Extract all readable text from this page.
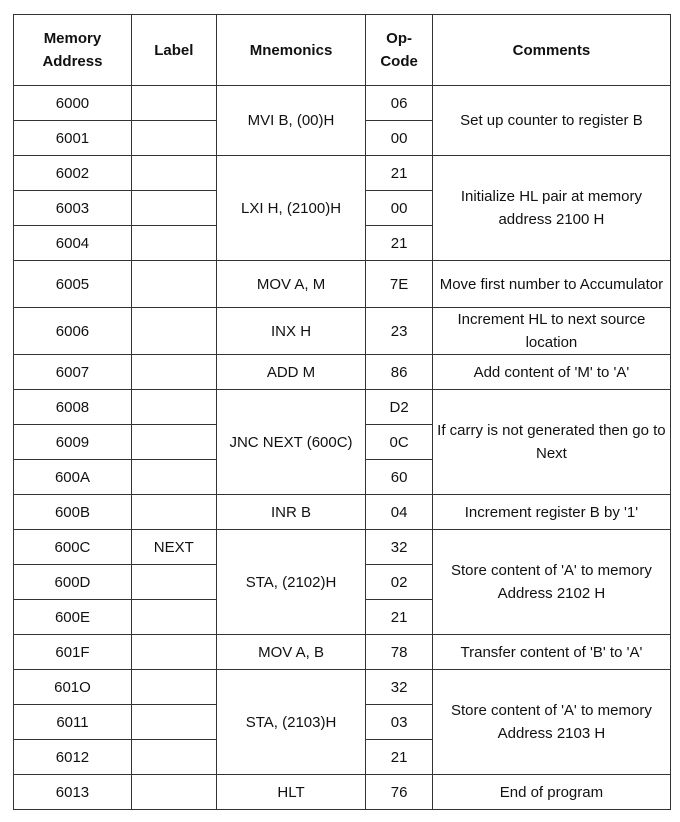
Memory Address	Label	Mnemonics	Op-Code	Comments
6000		MVI B, (00)H	06	Set up counter to register B
6001			00	
6002		LXI H, (2100)H	21	Initialize HL pair at memory address 2100 H
6003			00	
6004			21	
6005		MOV A, M	7E	Move first number to Accumulator
6006		INX H	23	Increment HL to next source location
6007		ADD M	86	Add content of 'M' to 'A'
6008		JNC NEXT (600C)	D2	If carry is not generated then go to Next
6009			0C	
600A			60	
600B		INR B	04	Increment register B by '1'
600C	NEXT	STA, (2102)H	32	Store content of 'A' to memory Address 2102 H
600D			02	
600E			21	
601F		MOV A, B	78	Transfer content of 'B' to 'A'
601O		STA, (2103)H	32	Store content of 'A' to memory Address 2103 H
6011			03	
6012			21	
6013		HLT	76	End of program
